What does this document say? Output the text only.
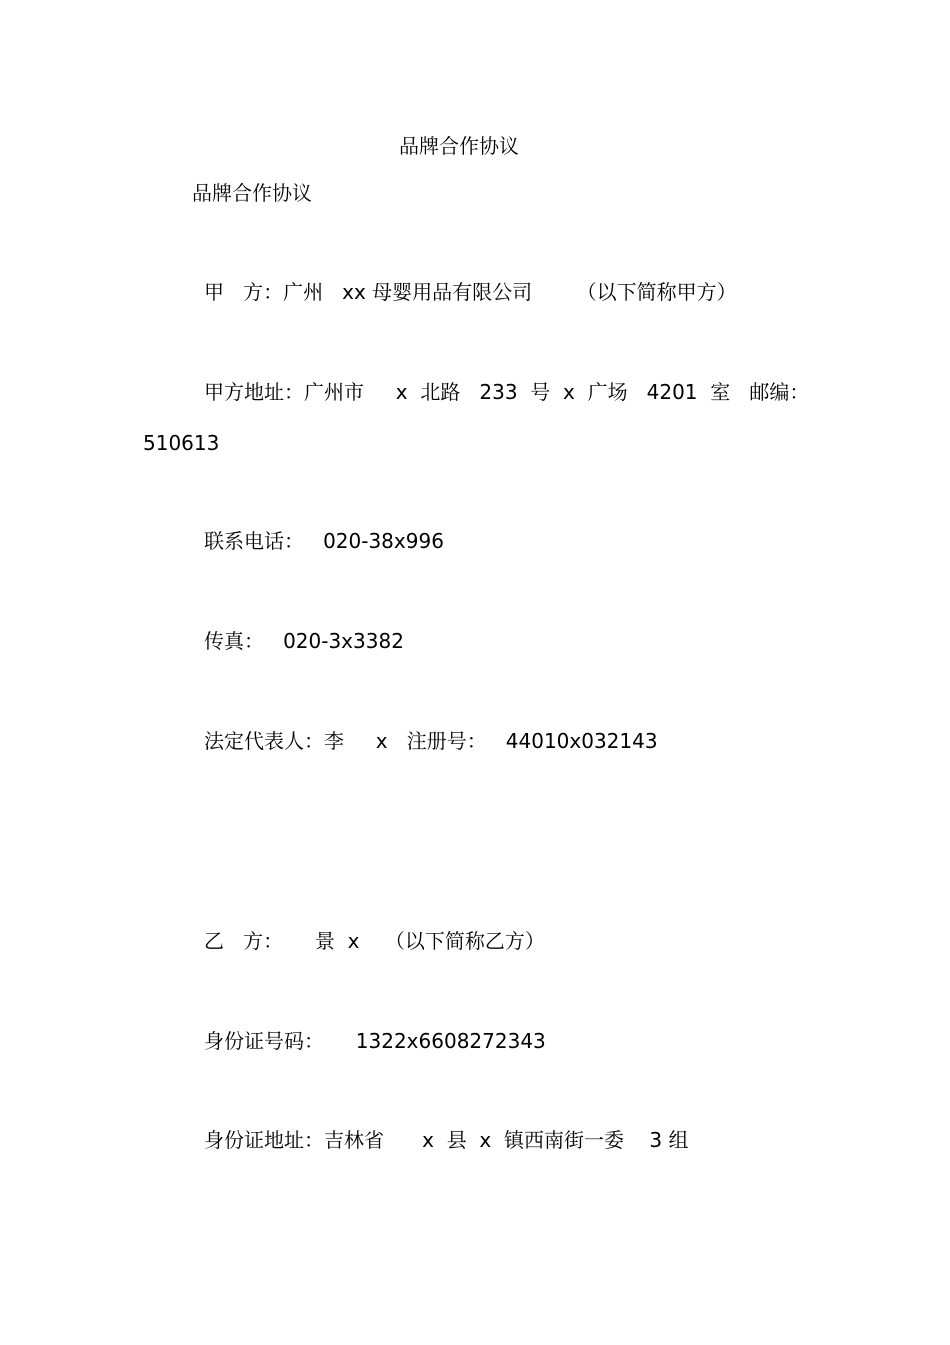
品牌合作协议

品牌合作协议

甲   方：广州   xx 母婴用品有限公司       （以下简称甲方）

甲方地址：广州市     x  北路   233  号  x  广场   4201  室   邮编：

510613

联系电话：   020-38x996

传真：   020-3x3382

法定代表人：李     x   注册号：   44010x032143

乙   方：     景  x    （以下简称乙方）

身份证号码：     1322x6608272343

身份证地址：吉林省      x  县  x  镇西南街一委    3 组
